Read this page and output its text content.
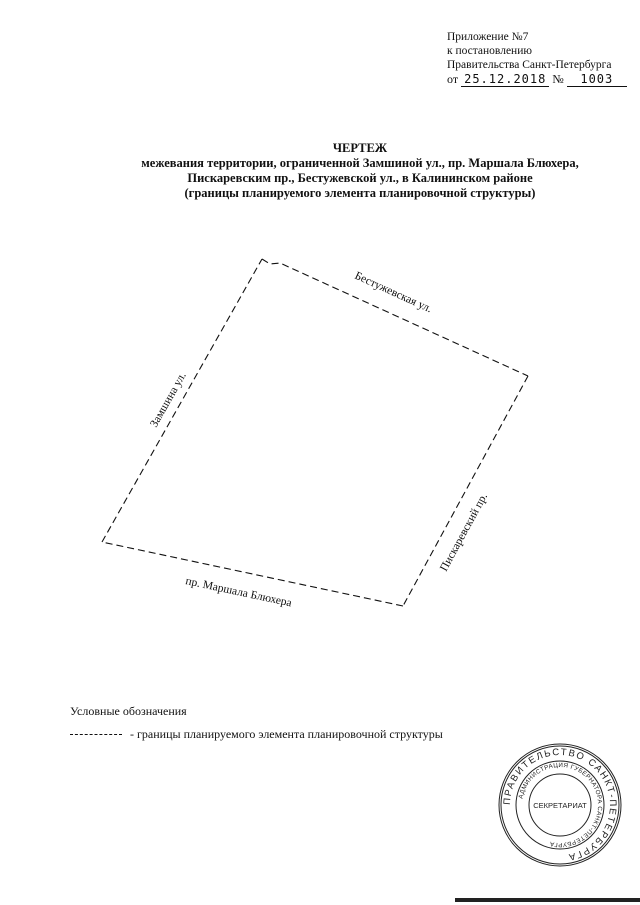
Приложение №7
к постановлению
Правительства Санкт-Петербурга
от 25.12.2018 № 1003
ЧЕРТЕЖ
межевания территории, ограниченной Замшиной ул., пр. Маршала Блюхера,
Пискаревским пр., Бестужевской ул., в Калининском районе
(границы планируемого элемента планировочной структуры)
Бестужевская ул.
Замшина ул.
Пискаревский пр.
пр. Маршала Блюхера
Условные обозначения
- границы планируемого элемента планировочной структуры
ПРАВИТЕЛЬСТВО САНКТ-ПЕТЕРБУРГА
АДМИНИСТРАЦИЯ ГУБЕРНАТОРА САНКТ-ПЕТЕРБУРГА
СЕКРЕТАРИАТ
